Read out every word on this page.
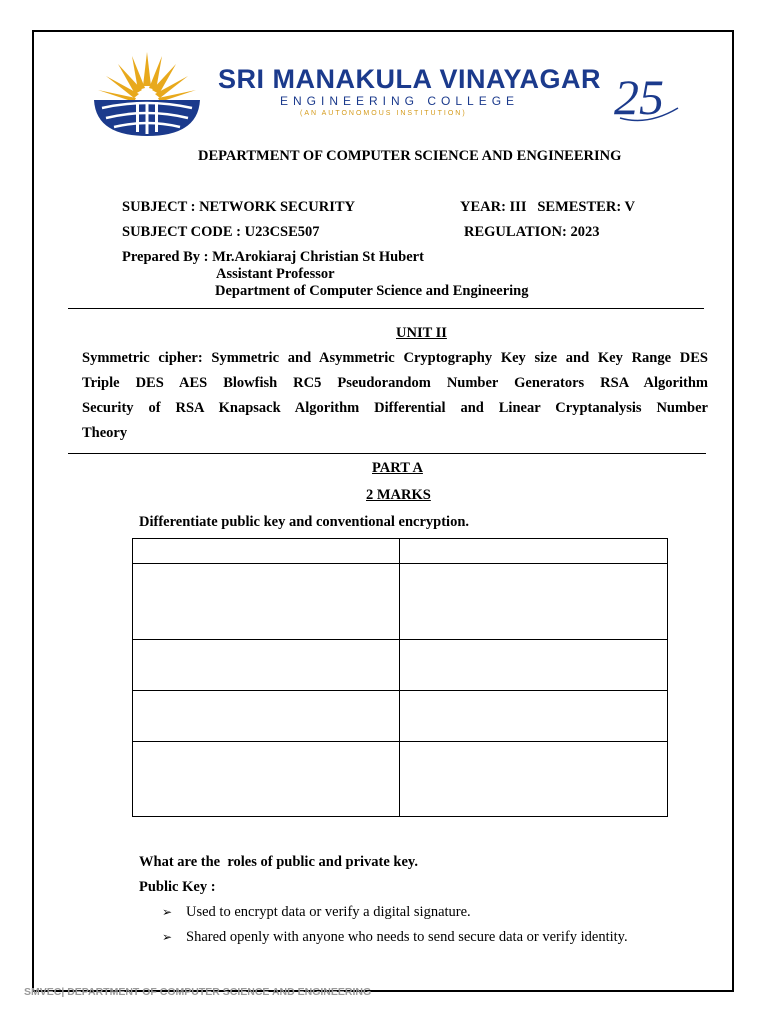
SRI MANAKULA VINAYAGAR
ENGINEERING COLLEGE
(AN AUTONOMOUS INSTITUTION)	25
DEPARTMENT OF COMPUTER SCIENCE AND ENGINEERING
SUBJECT : NETWORK SECURITY	YEAR: III   SEMESTER: V
SUBJECT CODE : U23CSE507	REGULATION: 2023
Prepared By : Mr.Arokiaraj Christian St Hubert
Assistant Professor
Department of Computer Science and Engineering
UNIT II
Symmetric cipher: Symmetric and Asymmetric Cryptography Key size and Key Range DES
Triple DES AES Blowfish RC5 Pseudorandom Number Generators RSA Algorithm
Security of RSA Knapsack Algorithm Differential and Linear Cryptanalysis Number
Theory
PART A
2 MARKS
Differentiate public key and conventional encryption.

What are the  roles of public and private key.
Public Key :
➢ Used to encrypt data or verify a digital signature.
➢ Shared openly with anyone who needs to send secure data or verify identity.
SMVEC| DEPARTMENT OF COMPUTER SCIENCE AND ENGINEERING
